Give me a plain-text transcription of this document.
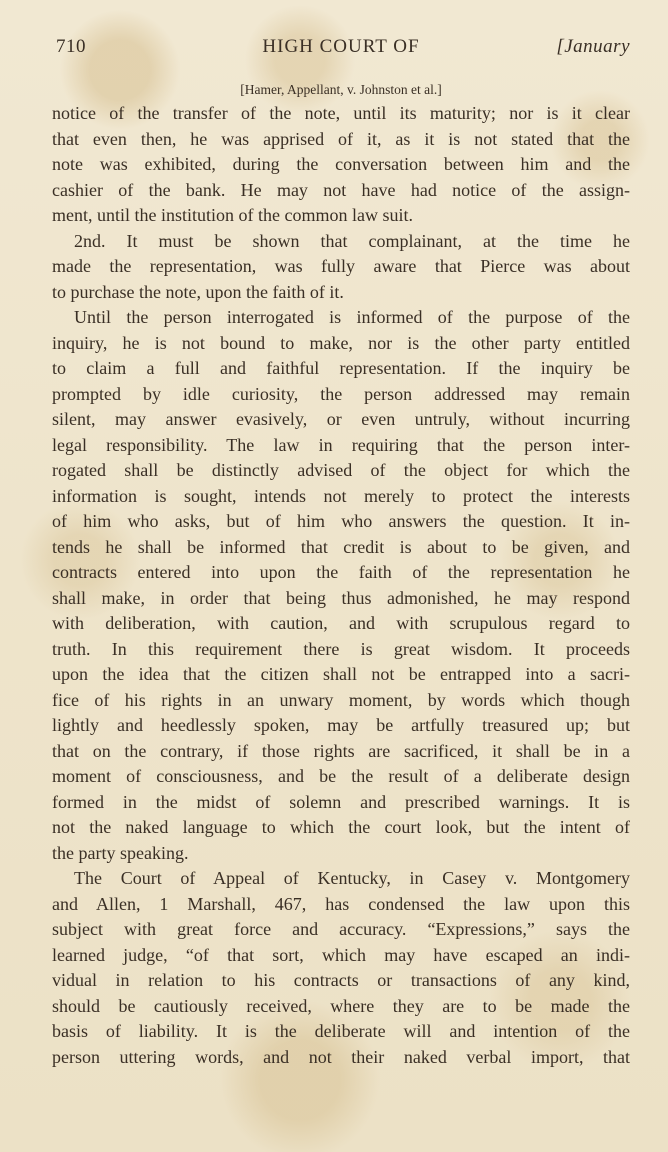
710	HIGH COURT OF	[January
[Hamer, Appellant, v. Johnston et al.]
notice of the transfer of the note, until its maturity; nor is it clear
that even then, he was apprised of it, as it is not stated that the
note was exhibited, during the conversation between him and the
cashier of the bank. He may not have had notice of the assign-
ment, until the institution of the common law suit.
2nd. It must be shown that complainant, at the time he
made the representation, was fully aware that Pierce was about
to purchase the note, upon the faith of it.
Until the person interrogated is informed of the purpose of the
inquiry, he is not bound to make, nor is the other party entitled
to claim a full and faithful representation. If the inquiry be
prompted by idle curiosity, the person addressed may remain
silent, may answer evasively, or even untruly, without incurring
legal responsibility. The law in requiring that the person inter-
rogated shall be distinctly advised of the object for which the
information is sought, intends not merely to protect the interests
of him who asks, but of him who answers the question. It in-
tends he shall be informed that credit is about to be given, and
contracts entered into upon the faith of the representation he
shall make, in order that being thus admonished, he may respond
with deliberation, with caution, and with scrupulous regard to
truth. In this requirement there is great wisdom. It proceeds
upon the idea that the citizen shall not be entrapped into a sacri-
fice of his rights in an unwary moment, by words which though
lightly and heedlessly spoken, may be artfully treasured up; but
that on the contrary, if those rights are sacrificed, it shall be in a
moment of consciousness, and be the result of a deliberate design
formed in the midst of solemn and prescribed warnings. It is
not the naked language to which the court look, but the intent of
the party speaking.
The Court of Appeal of Kentucky, in Casey v. Montgomery
and Allen, 1 Marshall, 467, has condensed the law upon this
subject with great force and accuracy. “Expressions,” says the
learned judge, “of that sort, which may have escaped an indi-
vidual in relation to his contracts or transactions of any kind,
should be cautiously received, where they are to be made the
basis of liability. It is the deliberate will and intention of the
person uttering words, and not their naked verbal import, that
